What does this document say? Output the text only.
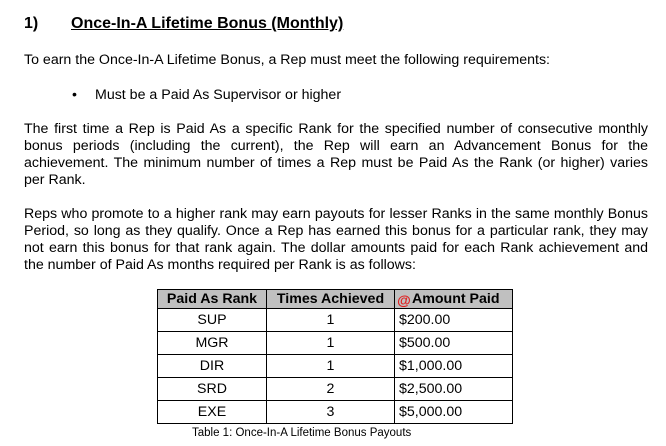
1) Once-In-A Lifetime Bonus (Monthly)
To earn the Once-In-A Lifetime Bonus, a Rep must meet the following requirements:
• Must be a Paid As Supervisor or higher

The first time a Rep is Paid As a specific Rank for the specified number of consecutive monthly bonus periods (including the current), the Rep will earn an Advancement Bonus for the achievement. The minimum number of times a Rep must be Paid As the Rank (or higher) varies per Rank.

Reps who promote to a higher rank may earn payouts for lesser Ranks in the same monthly Bonus Period, so long as they qualify. Once a Rep has earned this bonus for a particular rank, they may not earn this bonus for that rank again. The dollar amounts paid for each Rank achievement and the number of Paid As months required per Rank is as follows:

Paid As Rank	Times Achieved	@Amount Paid
SUP	1	$200.00
MGR	1	$500.00
DIR	1	$1,000.00
SRD	2	$2,500.00
EXE	3	$5,000.00
Table 1: Once-In-A Lifetime Bonus Payouts
